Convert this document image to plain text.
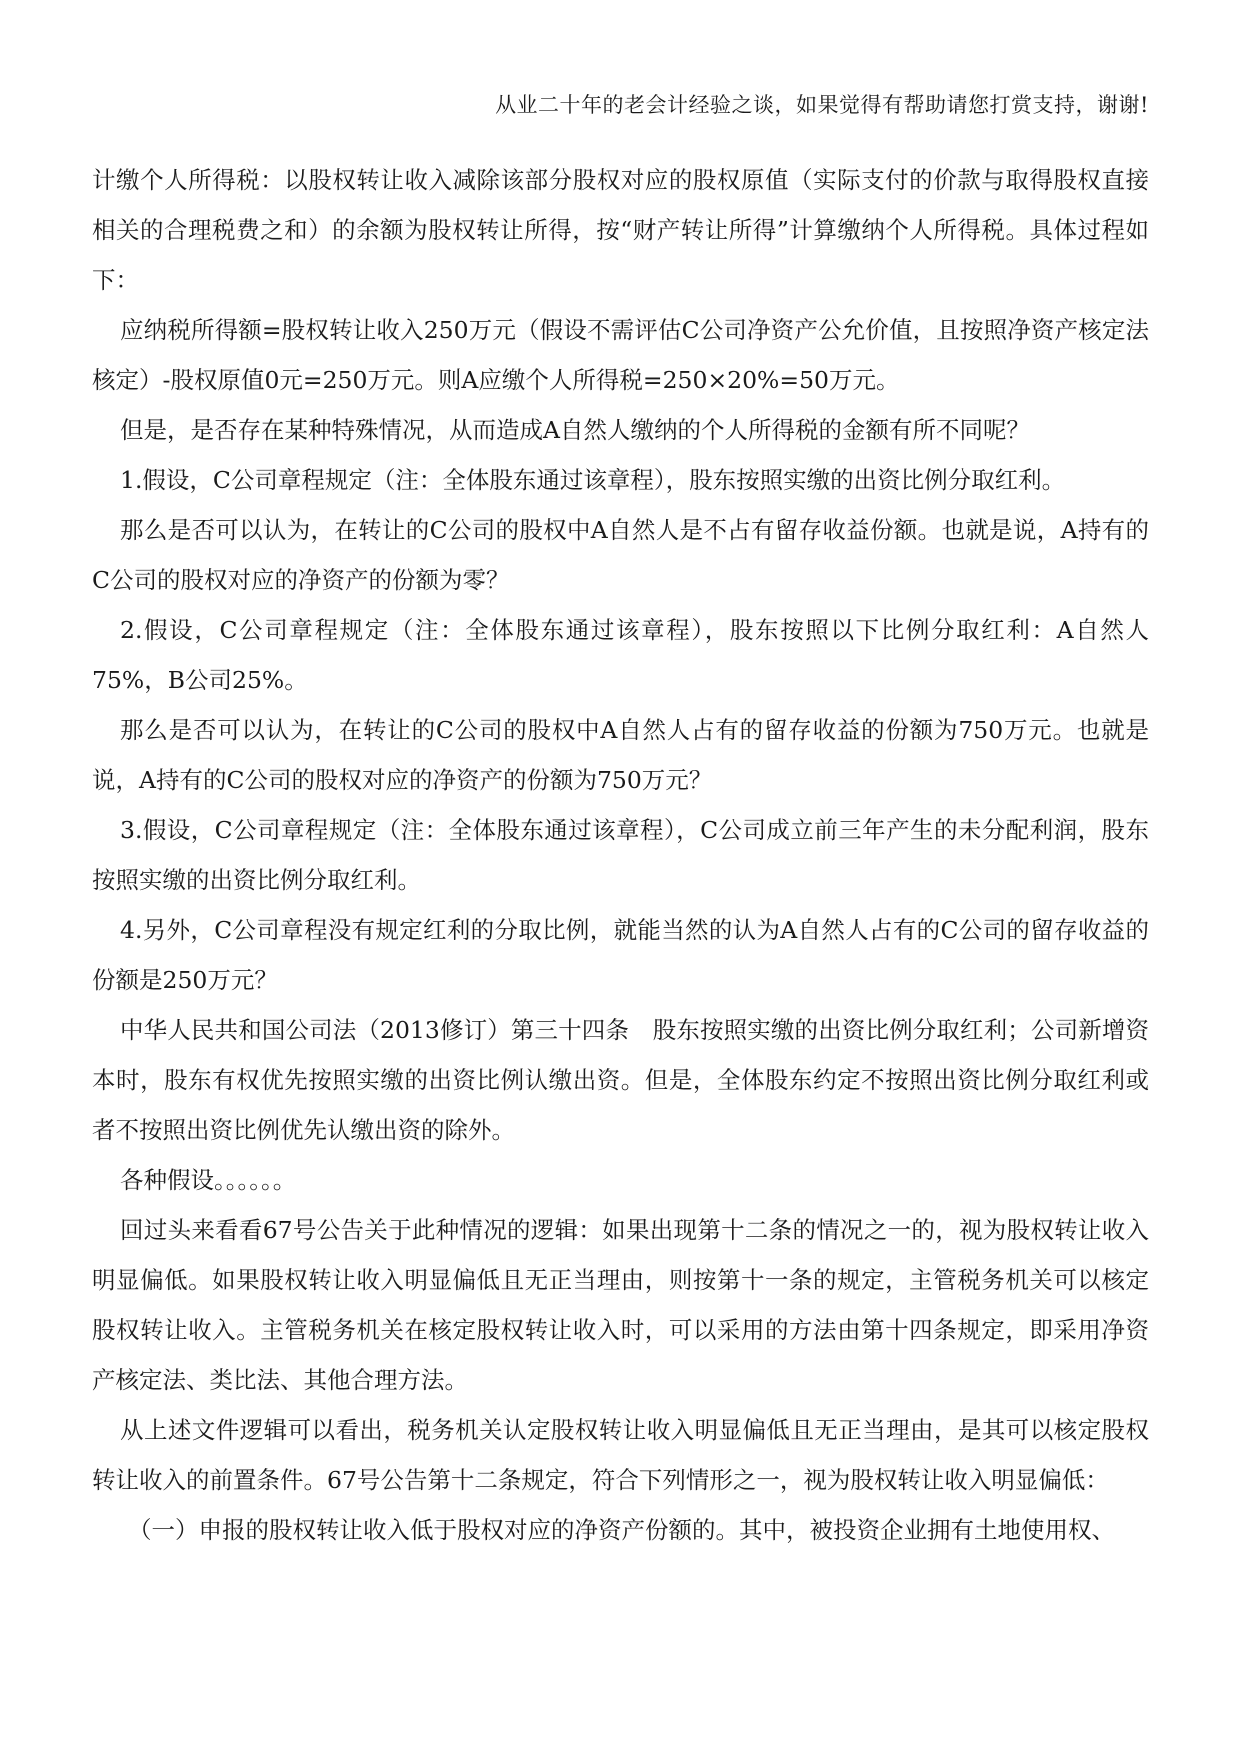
从业二十年的老会计经验之谈，如果觉得有帮助请您打赏支持，谢谢!

计缴个人所得税：以股权转让收入减除该部分股权对应的股权原值（实际支付的价款与取得股权直接相关的合理税费之和）的余额为股权转让所得，按“财产转让所得”计算缴纳个人所得税。具体过程如下：

应纳税所得额=股权转让收入250万元（假设不需评估C公司净资产公允价值，且按照净资产核定法核定）-股权原值0元=250万元。则A应缴个人所得税=250×20%=50万元。

但是，是否存在某种特殊情况，从而造成A自然人缴纳的个人所得税的金额有所不同呢？

1.假设，C公司章程规定（注：全体股东通过该章程），股东按照实缴的出资比例分取红利。

那么是否可以认为，在转让的C公司的股权中A自然人是不占有留存收益份额。也就是说，A持有的C公司的股权对应的净资产的份额为零？

2.假设，C公司章程规定（注：全体股东通过该章程），股东按照以下比例分取红利：A自然人75%，B公司25%。

那么是否可以认为，在转让的C公司的股权中A自然人占有的留存收益的份额为750万元。也就是说，A持有的C公司的股权对应的净资产的份额为750万元？

3.假设，C公司章程规定（注：全体股东通过该章程），C公司成立前三年产生的未分配利润，股东按照实缴的出资比例分取红利。

4.另外，C公司章程没有规定红利的分取比例，就能当然的认为A自然人占有的C公司的留存收益的份额是250万元？

中华人民共和国公司法（2013修订）第三十四条　股东按照实缴的出资比例分取红利；公司新增资本时，股东有权优先按照实缴的出资比例认缴出资。但是，全体股东约定不按照出资比例分取红利或者不按照出资比例优先认缴出资的除外。

各种假设。。。。。。

回过头来看看67号公告关于此种情况的逻辑：如果出现第十二条的情况之一的，视为股权转让收入明显偏低。如果股权转让收入明显偏低且无正当理由，则按第十一条的规定，主管税务机关可以核定股权转让收入。主管税务机关在核定股权转让收入时，可以采用的方法由第十四条规定，即采用净资产核定法、类比法、其他合理方法。

从上述文件逻辑可以看出，税务机关认定股权转让收入明显偏低且无正当理由，是其可以核定股权转让收入的前置条件。67号公告第十二条规定，符合下列情形之一，视为股权转让收入明显偏低：

（一）申报的股权转让收入低于股权对应的净资产份额的。其中，被投资企业拥有土地使用权、
